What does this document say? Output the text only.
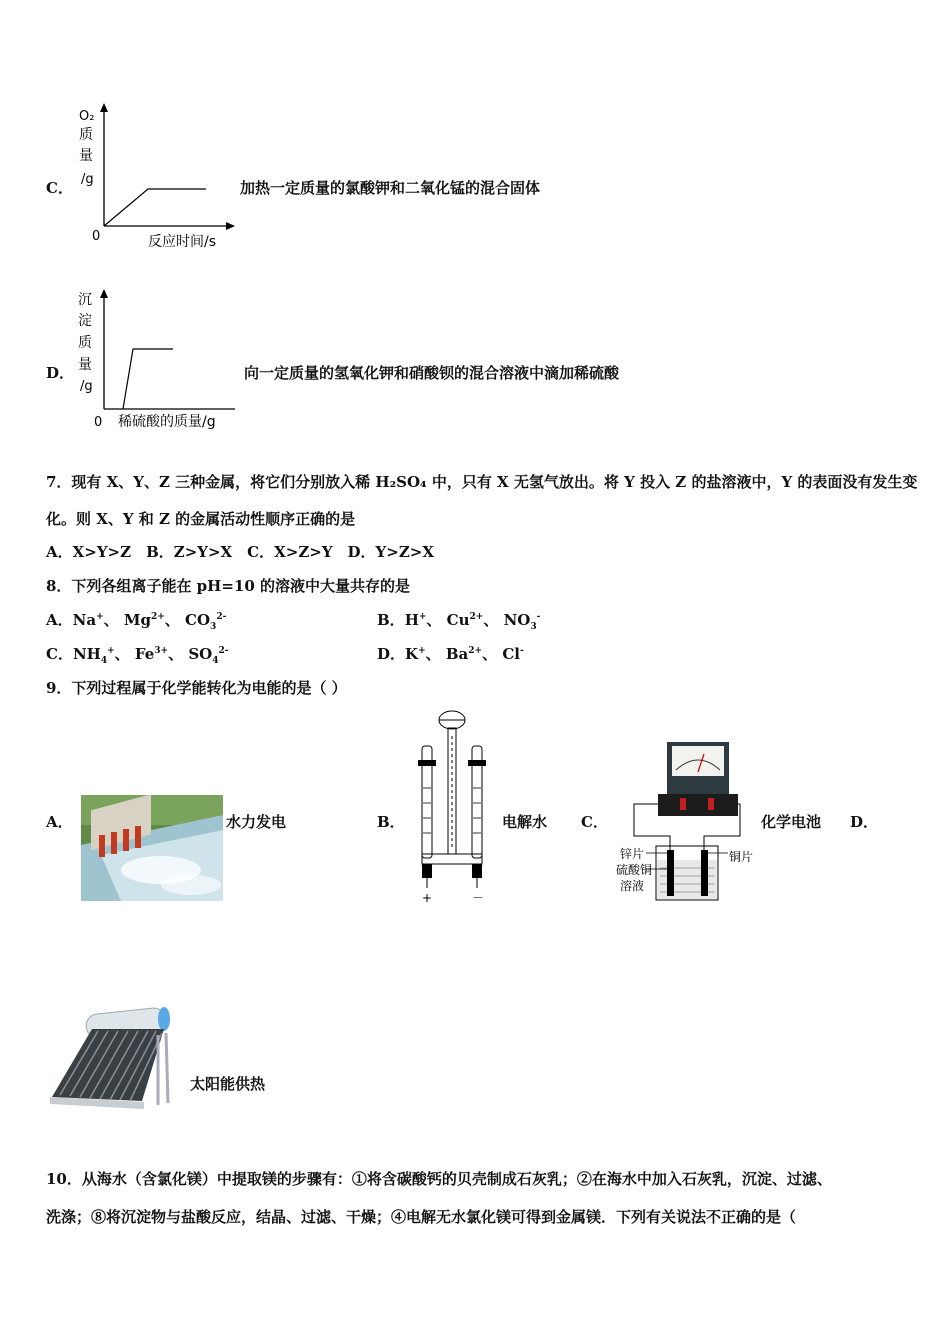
C．
O₂
质
量
/g
0	反应时间/s
加热一定质量的氯酸钾和二氧化锰的混合固体
D．
沉
淀
质
量
/g
0 稀硫酸的质量/g
向一定质量的氢氧化钾和硝酸钡的混合溶液中滴加稀硫酸
7．现有 X、Y、Z 三种金属，将它们分别放入稀 H₂SO₄ 中，只有 X 无氢气放出。将 Y 投入 Z 的盐溶液中，Y 的表面没有发生变
化。则 X、Y 和 Z 的金属活动性顺序正确的是
A．X>Y>Z　B．Z>Y>X　C．X>Z>Y　D．Y>Z>X
8．下列各组离子能在 pH=10 的溶液中大量共存的是
A．Na+、 $Mg^{2+}$、 $CO_3^{2-}$	B．H+、 $Cu^{2+}$、 $NO_3^-$
C．$NH_4^+$、 $Fe^{3+}$、 $SO_4^{2-}$	D．K+、 $Ba^{2+}$、 Cl-
9．下列过程属于化学能转化为电能的是（ ）
A．	水力发电	B．
+	－
电解水 C．
锌片	铜片
硫酸铜
溶液
化学电池 D．
太阳能供热
10．从海水（含氯化镁）中提取镁的步骤有：①将含碳酸钙的贝壳制成石灰乳；②在海水中加入石灰乳，沉淀、过滤、
洗涤；⑧将沉淀物与盐酸反应，结晶、过滤、干燥；④电解无水氯化镁可得到金属镁．下列有关说法不正确的是（
